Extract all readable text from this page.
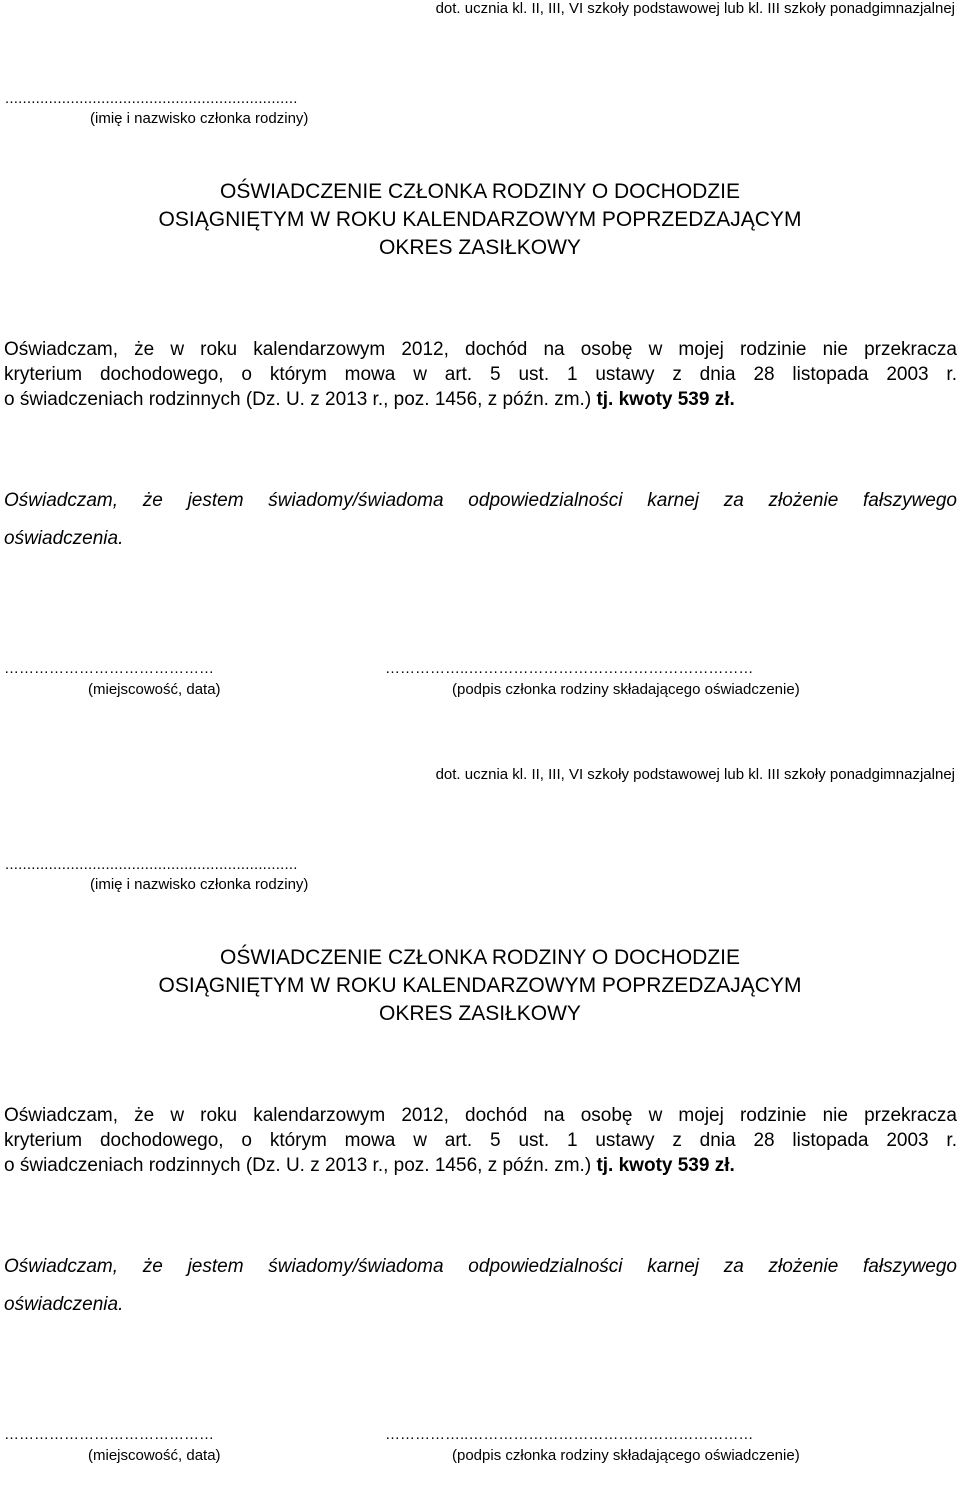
dot. ucznia kl. II, III, VI szkoły podstawowej lub kl. III szkoły ponadgimnazjalnej
...................................................................
(imię i nazwisko członka rodziny)
OŚWIADCZENIE CZŁONKA RODZINY O DOCHODZIE
OSIĄGNIĘTYM W ROKU KALENDARZOWYM POPRZEDZAJĄCYM
OKRES ZASIŁKOWY
Oświadczam, że w roku kalendarzowym 2012, dochód na osobę w mojej rodzinie nie przekracza
kryterium dochodowego, o którym mowa w art. 5 ust. 1 ustawy z dnia 28 listopada 2003 r.
o świadczeniach rodzinnych (Dz. U. z 2013 r., poz. 1456, z późn. zm.) tj. kwoty 539 zł.
Oświadczam, że jestem świadomy/świadoma odpowiedzialności karnej za złożenie fałszywego
oświadczenia.
……………………………………	……………..…………………………………………………
(miejscowość, data)	(podpis członka rodziny składającego oświadczenie)
dot. ucznia kl. II, III, VI szkoły podstawowej lub kl. III szkoły ponadgimnazjalnej
...................................................................
(imię i nazwisko członka rodziny)
OŚWIADCZENIE CZŁONKA RODZINY O DOCHODZIE
OSIĄGNIĘTYM W ROKU KALENDARZOWYM POPRZEDZAJĄCYM
OKRES ZASIŁKOWY
Oświadczam, że w roku kalendarzowym 2012, dochód na osobę w mojej rodzinie nie przekracza
kryterium dochodowego, o którym mowa w art. 5 ust. 1 ustawy z dnia 28 listopada 2003 r.
o świadczeniach rodzinnych (Dz. U. z 2013 r., poz. 1456, z późn. zm.) tj. kwoty 539 zł.
Oświadczam, że jestem świadomy/świadoma odpowiedzialności karnej za złożenie fałszywego
oświadczenia.
……………………………………	……………..…………………………………………………
(miejscowość, data)	(podpis członka rodziny składającego oświadczenie)
